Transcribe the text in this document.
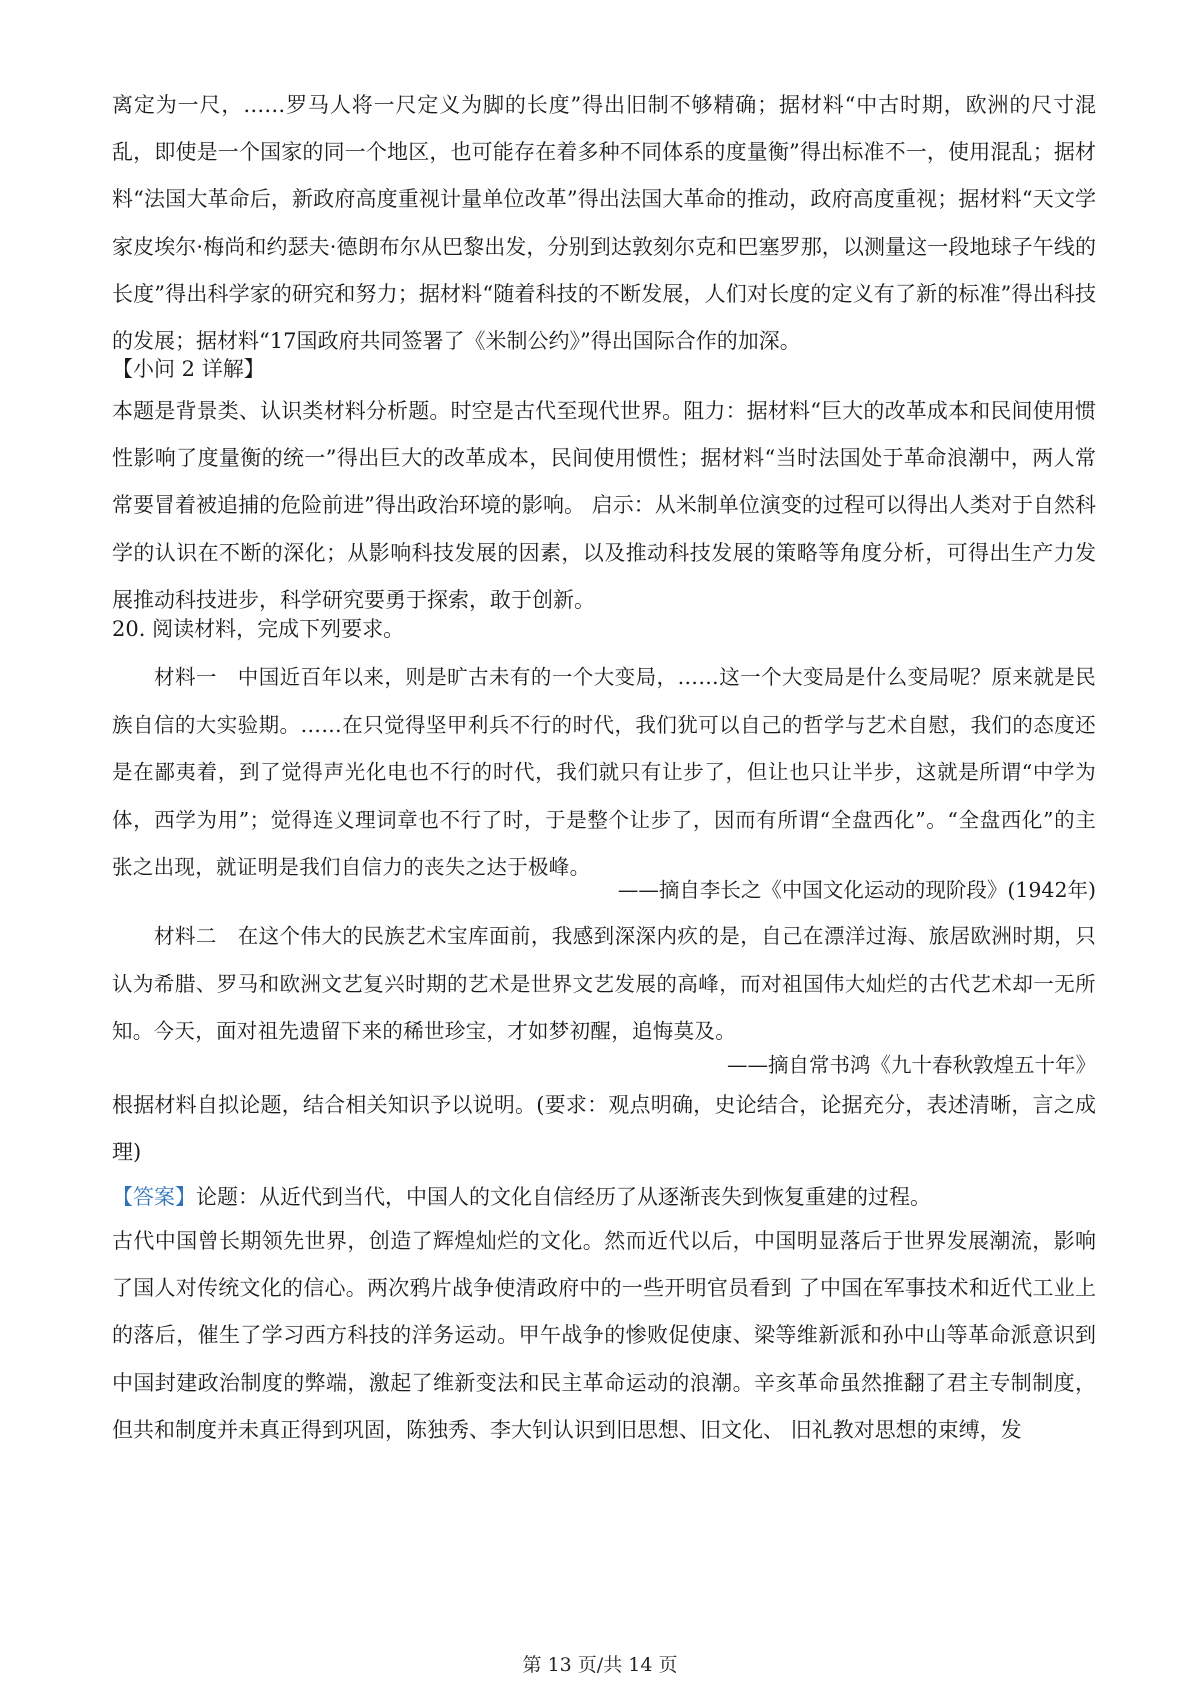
离定为一尺，……罗马人将一尺定义为脚的长度”得出旧制不够精确；据材料“中古时期，欧洲的尺寸混乱，即使是一个国家的同一个地区，也可能存在着多种不同体系的度量衡”得出标准不一，使用混乱；据材料“法国大革命后，新政府高度重视计量单位改革”得出法国大革命的推动，政府高度重视；据材料“天文学家皮埃尔·梅尚和约瑟夫·德朗布尔从巴黎出发，分别到达敦刻尔克和巴塞罗那，以测量这一段地球子午线的长度”得出科学家的研究和努力；据材料“随着科技的不断发展，人们对长度的定义有了新的标准”得出科技的发展；据材料“17国政府共同签署了《米制公约》”得出国际合作的加深。

【小问 2 详解】

本题是背景类、认识类材料分析题。时空是古代至现代世界。阻力：据材料“巨大的改革成本和民间使用惯性影响了度量衡的统一”得出巨大的改革成本，民间使用惯性；据材料“当时法国处于革命浪潮中，两人常常要冒着被追捕的危险前进”得出政治环境的影响。 启示：从米制单位演变的过程可以得出人类对于自然科学的认识在不断的深化；从影响科技发展的因素，以及推动科技发展的策略等角度分析，可得出生产力发展推动科技进步，科学研究要勇于探索，敢于创新。

20. 阅读材料，完成下列要求。

材料一　中国近百年以来，则是旷古未有的一个大变局，……这一个大变局是什么变局呢？原来就是民族自信的大实验期。……在只觉得坚甲利兵不行的时代，我们犹可以自己的哲学与艺术自慰，我们的态度还是在鄙夷着，到了觉得声光化电也不行的时代，我们就只有让步了，但让也只让半步，这就是所谓“中学为体，西学为用”；觉得连义理词章也不行了时，于是整个让步了，因而有所谓“全盘西化”。“全盘西化”的主张之出现，就证明是我们自信力的丧失之达于极峰。

——摘自李长之《中国文化运动的现阶段》(1942年)

材料二　在这个伟大的民族艺术宝库面前，我感到深深内疚的是，自己在漂洋过海、旅居欧洲时期，只认为希腊、罗马和欧洲文艺复兴时期的艺术是世界文艺发展的高峰，而对祖国伟大灿烂的古代艺术却一无所知。今天，面对祖先遗留下来的稀世珍宝，才如梦初醒，追悔莫及。

——摘自常书鸿《九十春秋敦煌五十年》

根据材料自拟论题，结合相关知识予以说明。(要求：观点明确，史论结合，论据充分，表述清晰，言之成理)

【答案】论题：从近代到当代，中国人的文化自信经历了从逐渐丧失到恢复重建的过程。

古代中国曾长期领先世界，创造了辉煌灿烂的文化。然而近代以后，中国明显落后于世界发展潮流，影响了国人对传统文化的信心。两次鸦片战争使清政府中的一些开明官员看到 了中国在军事技术和近代工业上的落后，催生了学习西方科技的洋务运动。甲午战争的惨败促使康、梁等维新派和孙中山等革命派意识到中国封建政治制度的弊端，激起了维新变法和民主革命运动的浪潮。辛亥革命虽然推翻了君主专制制度，但共和制度并未真正得到巩固，陈独秀、李大钊认识到旧思想、旧文化、 旧礼教对思想的束缚，发

第 13 页/共 14 页
